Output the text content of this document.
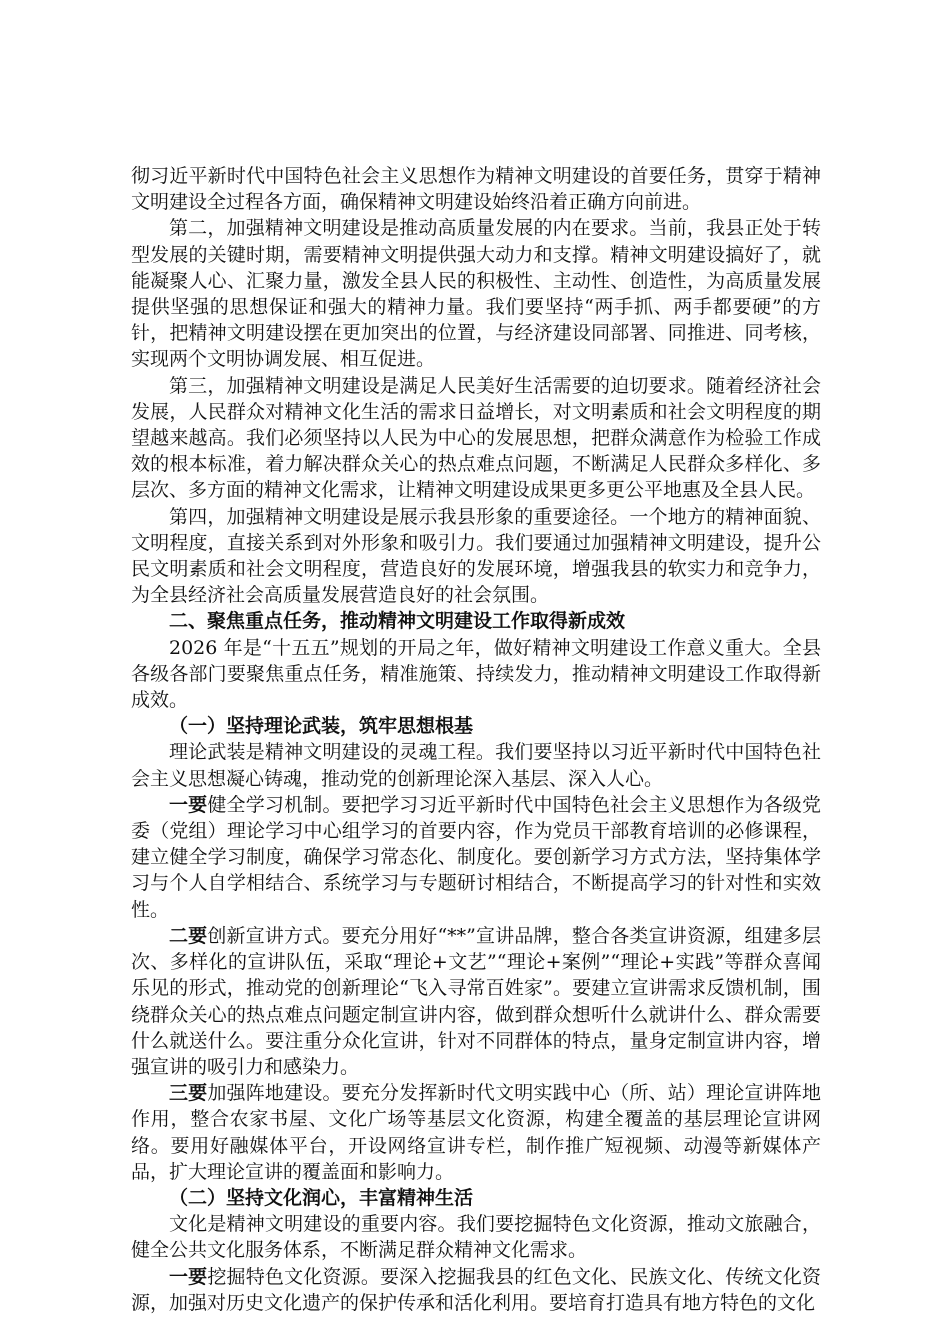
彻习近平新时代中国特色社会主义思想作为精神文明建设的首要任务，贯穿于精神文明建设全过程各方面，确保精神文明建设始终沿着正确方向前进。

第二，加强精神文明建设是推动高质量发展的内在要求。当前，我县正处于转型发展的关键时期，需要精神文明提供强大动力和支撑。精神文明建设搞好了，就能凝聚人心、汇聚力量，激发全县人民的积极性、主动性、创造性，为高质量发展提供坚强的思想保证和强大的精神力量。我们要坚持“两手抓、两手都要硬”的方针，把精神文明建设摆在更加突出的位置，与经济建设同部署、同推进、同考核，实现两个文明协调发展、相互促进。

第三，加强精神文明建设是满足人民美好生活需要的迫切要求。随着经济社会发展，人民群众对精神文化生活的需求日益增长，对文明素质和社会文明程度的期望越来越高。我们必须坚持以人民为中心的发展思想，把群众满意作为检验工作成效的根本标准，着力解决群众关心的热点难点问题，不断满足人民群众多样化、多层次、多方面的精神文化需求，让精神文明建设成果更多更公平地惠及全县人民。

第四，加强精神文明建设是展示我县形象的重要途径。一个地方的精神面貌、文明程度，直接关系到对外形象和吸引力。我们要通过加强精神文明建设，提升公民文明素质和社会文明程度，营造良好的发展环境，增强我县的软实力和竞争力，为全县经济社会高质量发展营造良好的社会氛围。

二、聚焦重点任务，推动精神文明建设工作取得新成效

2026 年是“十五五”规划的开局之年，做好精神文明建设工作意义重大。全县各级各部门要聚焦重点任务，精准施策、持续发力，推动精神文明建设工作取得新成效。

（一）坚持理论武装，筑牢思想根基

理论武装是精神文明建设的灵魂工程。我们要坚持以习近平新时代中国特色社会主义思想凝心铸魂，推动党的创新理论深入基层、深入人心。

一要健全学习机制。要把学习习近平新时代中国特色社会主义思想作为各级党委（党组）理论学习中心组学习的首要内容，作为党员干部教育培训的必修课程，建立健全学习制度，确保学习常态化、制度化。要创新学习方式方法，坚持集体学习与个人自学相结合、系统学习与专题研讨相结合，不断提高学习的针对性和实效性。

二要创新宣讲方式。要充分用好“**”宣讲品牌，整合各类宣讲资源，组建多层次、多样化的宣讲队伍，采取“理论+文艺”“理论+案例”“理论+实践”等群众喜闻乐见的形式，推动党的创新理论“飞入寻常百姓家”。要建立宣讲需求反馈机制，围绕群众关心的热点难点问题定制宣讲内容，做到群众想听什么就讲什么、群众需要什么就送什么。要注重分众化宣讲，针对不同群体的特点，量身定制宣讲内容，增强宣讲的吸引力和感染力。

三要加强阵地建设。要充分发挥新时代文明实践中心（所、站）理论宣讲阵地作用，整合农家书屋、文化广场等基层文化资源，构建全覆盖的基层理论宣讲网络。要用好融媒体平台，开设网络宣讲专栏，制作推广短视频、动漫等新媒体产品，扩大理论宣讲的覆盖面和影响力。

（二）坚持文化润心，丰富精神生活

文化是精神文明建设的重要内容。我们要挖掘特色文化资源，推动文旅融合，健全公共文化服务体系，不断满足群众精神文化需求。

一要挖掘特色文化资源。要深入挖掘我县的红色文化、民族文化、传统文化资源，加强对历史文化遗产的保护传承和活化利用。要培育打造具有地方特色的文化
